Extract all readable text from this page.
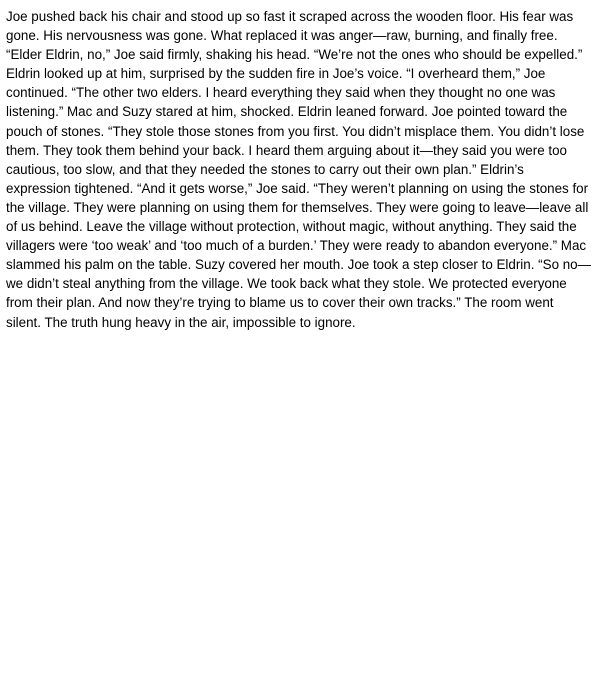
Joe pushed back his chair and stood up so fast it scraped across the wooden floor. His fear was gone. His nervousness was gone. What replaced it was anger—raw, burning, and finally free. “Elder Eldrin, no,” Joe said firmly, shaking his head. “We’re not the ones who should be expelled.” Eldrin looked up at him, surprised by the sudden fire in Joe’s voice. “I overheard them,” Joe continued. “The other two elders. I heard everything they said when they thought no one was listening.” Mac and Suzy stared at him, shocked. Eldrin leaned forward. Joe pointed toward the pouch of stones. “They stole those stones from you first. You didn’t misplace them. You didn’t lose them. They took them behind your back. I heard them arguing about it—they said you were too cautious, too slow, and that they needed the stones to carry out their own plan.” Eldrin’s expression tightened. “And it gets worse,” Joe said. “They weren’t planning on using the stones for the village. They were planning on using them for themselves. They were going to leave—leave all of us behind. Leave the village without protection, without magic, without anything. They said the villagers were ‘too weak’ and ‘too much of a burden.’ They were ready to abandon everyone.” Mac slammed his palm on the table. Suzy covered her mouth. Joe took a step closer to Eldrin. “So no—we didn’t steal anything from the village. We took back what they stole. We protected everyone from their plan. And now they’re trying to blame us to cover their own tracks.” The room went silent. The truth hung heavy in the air, impossible to ignore.
